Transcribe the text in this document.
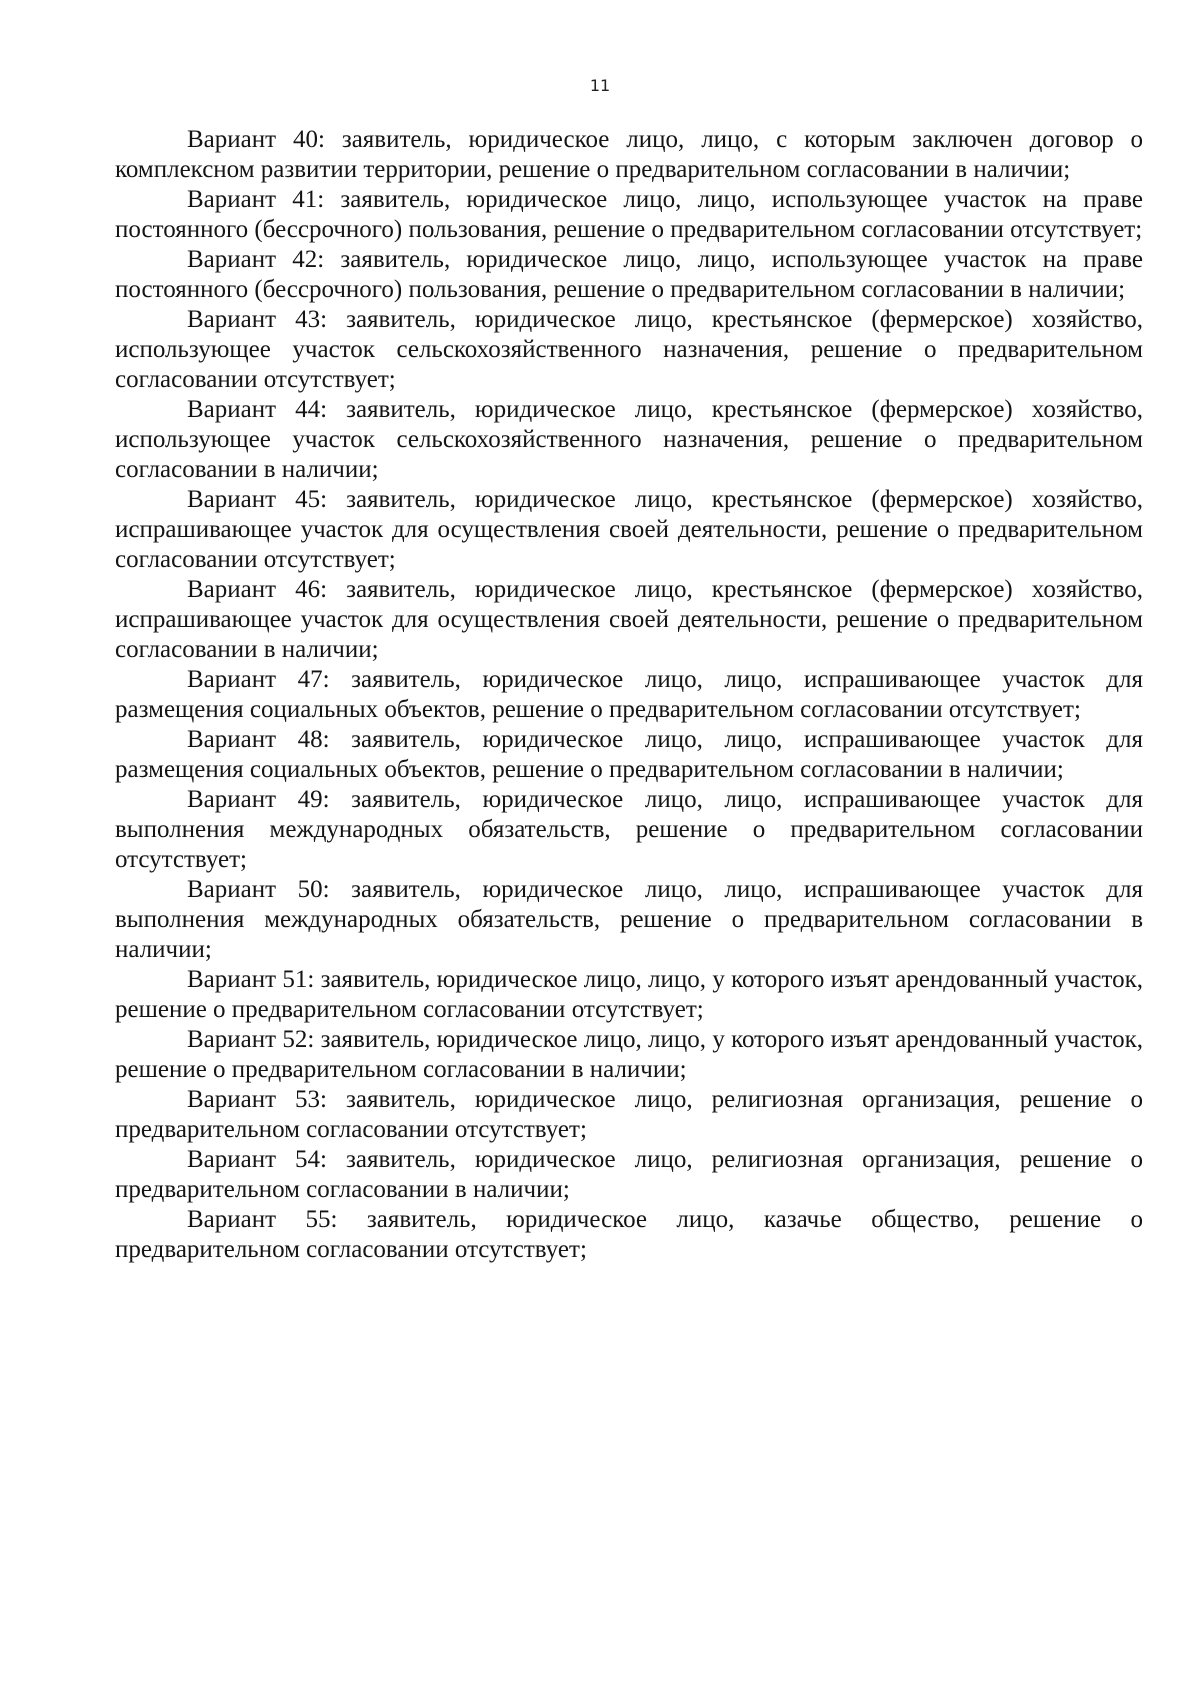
11

Вариант 40: заявитель, юридическое лицо, лицо, с которым заключен договор о комплексном развитии территории, решение о предварительном согласовании в наличии;

Вариант 41: заявитель, юридическое лицо, лицо, использующее участок на праве постоянного (бессрочного) пользования, решение о предварительном согласовании отсутствует;

Вариант 42: заявитель, юридическое лицо, лицо, использующее участок на праве постоянного (бессрочного) пользования, решение о предварительном согласовании в наличии;

Вариант 43: заявитель, юридическое лицо, крестьянское (фермерское) хозяйство, использующее участок сельскохозяйственного назначения, решение о предварительном согласовании отсутствует;

Вариант 44: заявитель, юридическое лицо, крестьянское (фермерское) хозяйство, использующее участок сельскохозяйственного назначения, решение о предварительном согласовании в наличии;

Вариант 45: заявитель, юридическое лицо, крестьянское (фермерское) хозяйство, испрашивающее участок для осуществления своей деятельности, решение о предварительном согласовании отсутствует;

Вариант 46: заявитель, юридическое лицо, крестьянское (фермерское) хозяйство, испрашивающее участок для осуществления своей деятельности, решение о предварительном согласовании в наличии;

Вариант 47: заявитель, юридическое лицо, лицо, испрашивающее участок для размещения социальных объектов, решение о предварительном согласовании отсутствует;

Вариант 48: заявитель, юридическое лицо, лицо, испрашивающее участок для размещения социальных объектов, решение о предварительном согласовании в наличии;

Вариант 49: заявитель, юридическое лицо, лицо, испрашивающее участок для выполнения международных обязательств, решение о предварительном согласовании отсутствует;

Вариант 50: заявитель, юридическое лицо, лицо, испрашивающее участок для выполнения международных обязательств, решение о предварительном согласовании в наличии;

Вариант 51: заявитель, юридическое лицо, лицо, у которого изъят арендованный участок, решение о предварительном согласовании отсутствует;

Вариант 52: заявитель, юридическое лицо, лицо, у которого изъят арендованный участок, решение о предварительном согласовании в наличии;

Вариант 53: заявитель, юридическое лицо, религиозная организация, решение о предварительном согласовании отсутствует;

Вариант 54: заявитель, юридическое лицо, религиозная организация, решение о предварительном согласовании в наличии;

Вариант 55: заявитель, юридическое лицо, казачье общество, решение о предварительном согласовании отсутствует;
